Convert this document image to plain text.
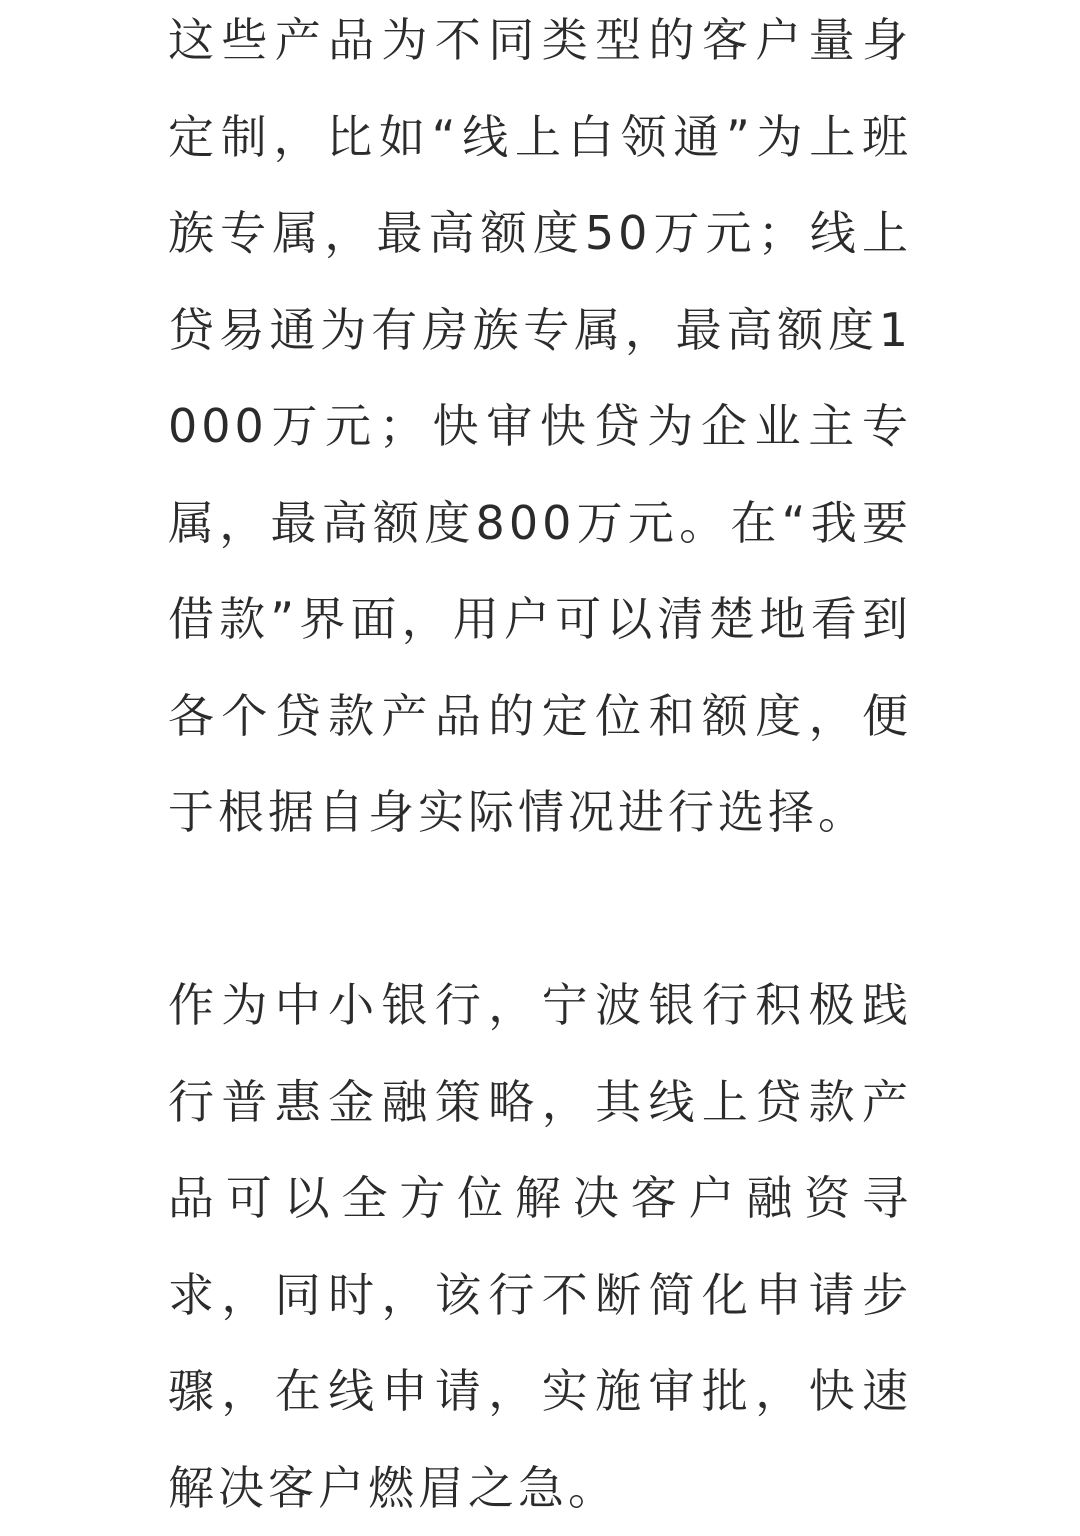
这些产品为不同类型的客户量身定制，比如“线上白领通”为上班族专属，最高额度50万元；线上贷易通为有房族专属，最高额度1000万元；快审快贷为企业主专属，最高额度800万元。在“我要借款”界面，用户可以清楚地看到各个贷款产品的定位和额度，便于根据自身实际情况进行选择。

作为中小银行，宁波银行积极践行普惠金融策略，其线上贷款产品可以全方位解决客户融资寻求，同时，该行不断简化申请步骤，在线申请，实施审批，快速解决客户燃眉之急。
